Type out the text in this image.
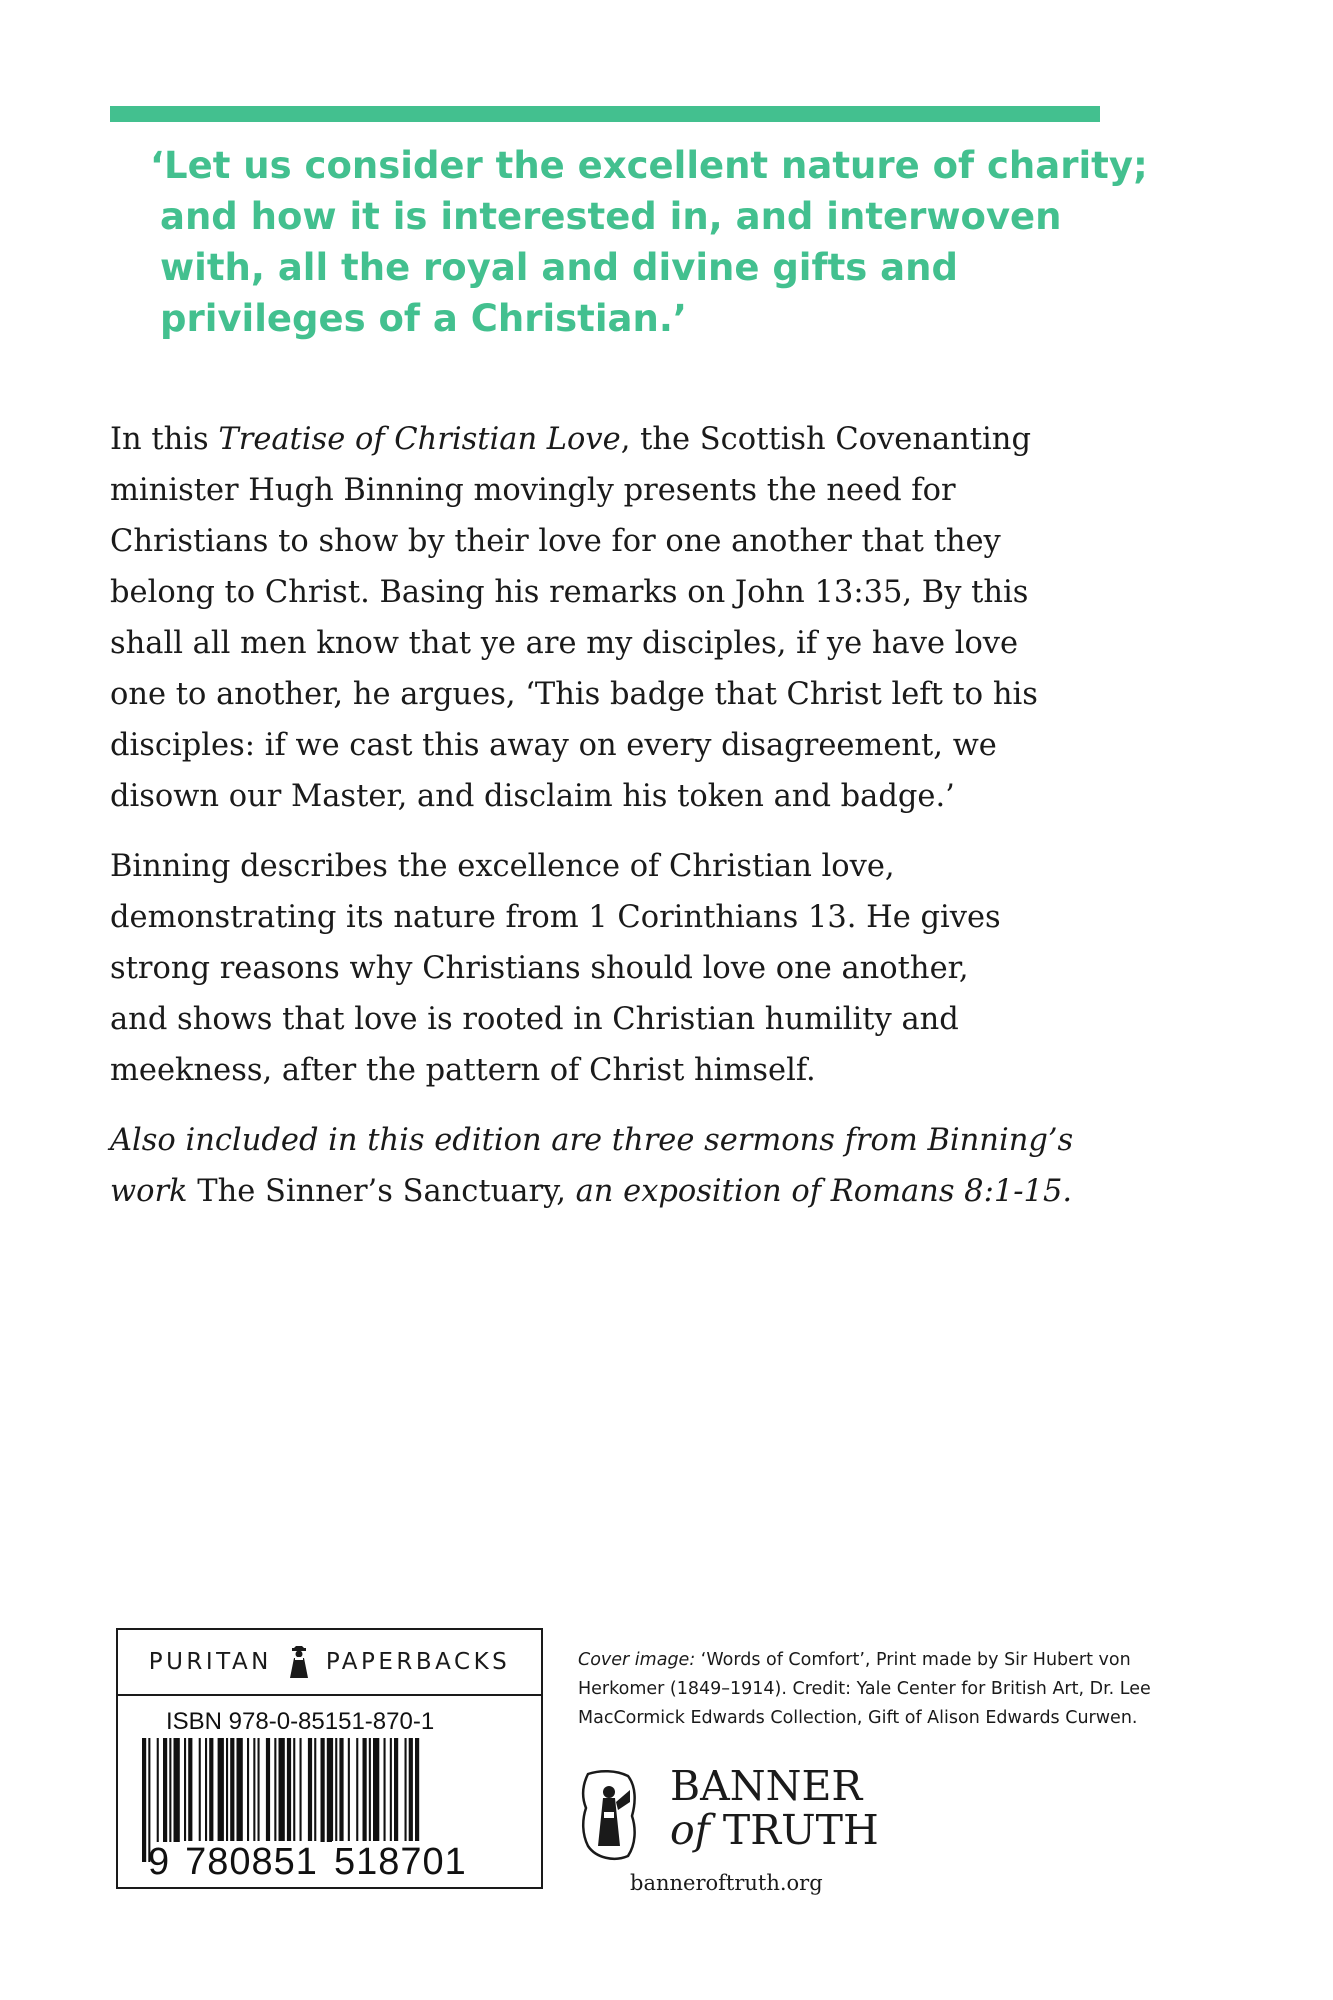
‘Let us consider the excellent nature of charity;
and how it is interested in, and interwoven
with, all the royal and divine gifts and
privileges of a Christian.’
In this Treatise of Christian Love, the Scottish Covenanting
minister Hugh Binning movingly presents the need for
Christians to show by their love for one another that they
belong to Christ. Basing his remarks on John 13:35, By this
shall all men know that ye are my disciples, if ye have love
one to another, he argues, ‘This badge that Christ left to his
disciples: if we cast this away on every disagreement, we
disown our Master, and disclaim his token and badge.’
Binning describes the excellence of Christian love,
demonstrating its nature from 1 Corinthians 13. He gives
strong reasons why Christians should love one another,
and shows that love is rooted in Christian humility and
meekness, after the pattern of Christ himself.
Also included in this edition are three sermons from Binning’s
work The Sinner’s Sanctuary, an exposition of Romans 8:1-15.
PURITAN PAPERBACKS
ISBN 978-0-85151-870-1
9 780851 518701
Cover image: ‘Words of Comfort’, Print made by Sir Hubert von
Herkomer (1849–1914). Credit: Yale Center for British Art, Dr. Lee
MacCormick Edwards Collection, Gift of Alison Edwards Curwen.
BANNER
of TRUTH
banneroftruth.org
